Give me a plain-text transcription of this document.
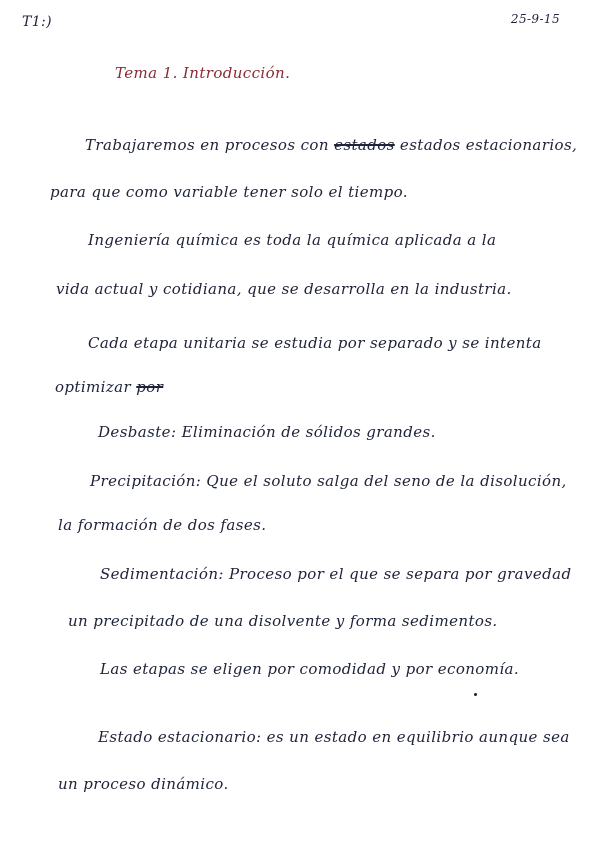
T1:)	25-9-15
Tema 1. Introducción.
Trabajaremos en procesos con estados estados estacionarios,
para que como variable tener solo el tiempo.
Ingeniería química es toda la química aplicada a la
vida actual y cotidiana, que se desarrolla en la industria.
Cada etapa unitaria se estudia por separado y se intenta
optimizar por
Desbaste: Eliminación de sólidos grandes.
Precipitación: Que el soluto salga del seno de la disolución,
la formación de dos fases.
Sedimentación: Proceso por el que se separa por gravedad
un precipitado de una disolvente y forma sedimentos.
Las etapas se eligen por comodidad y por economía.
Estado estacionario: es un estado en equilibrio aunque sea
un proceso dinámico.
